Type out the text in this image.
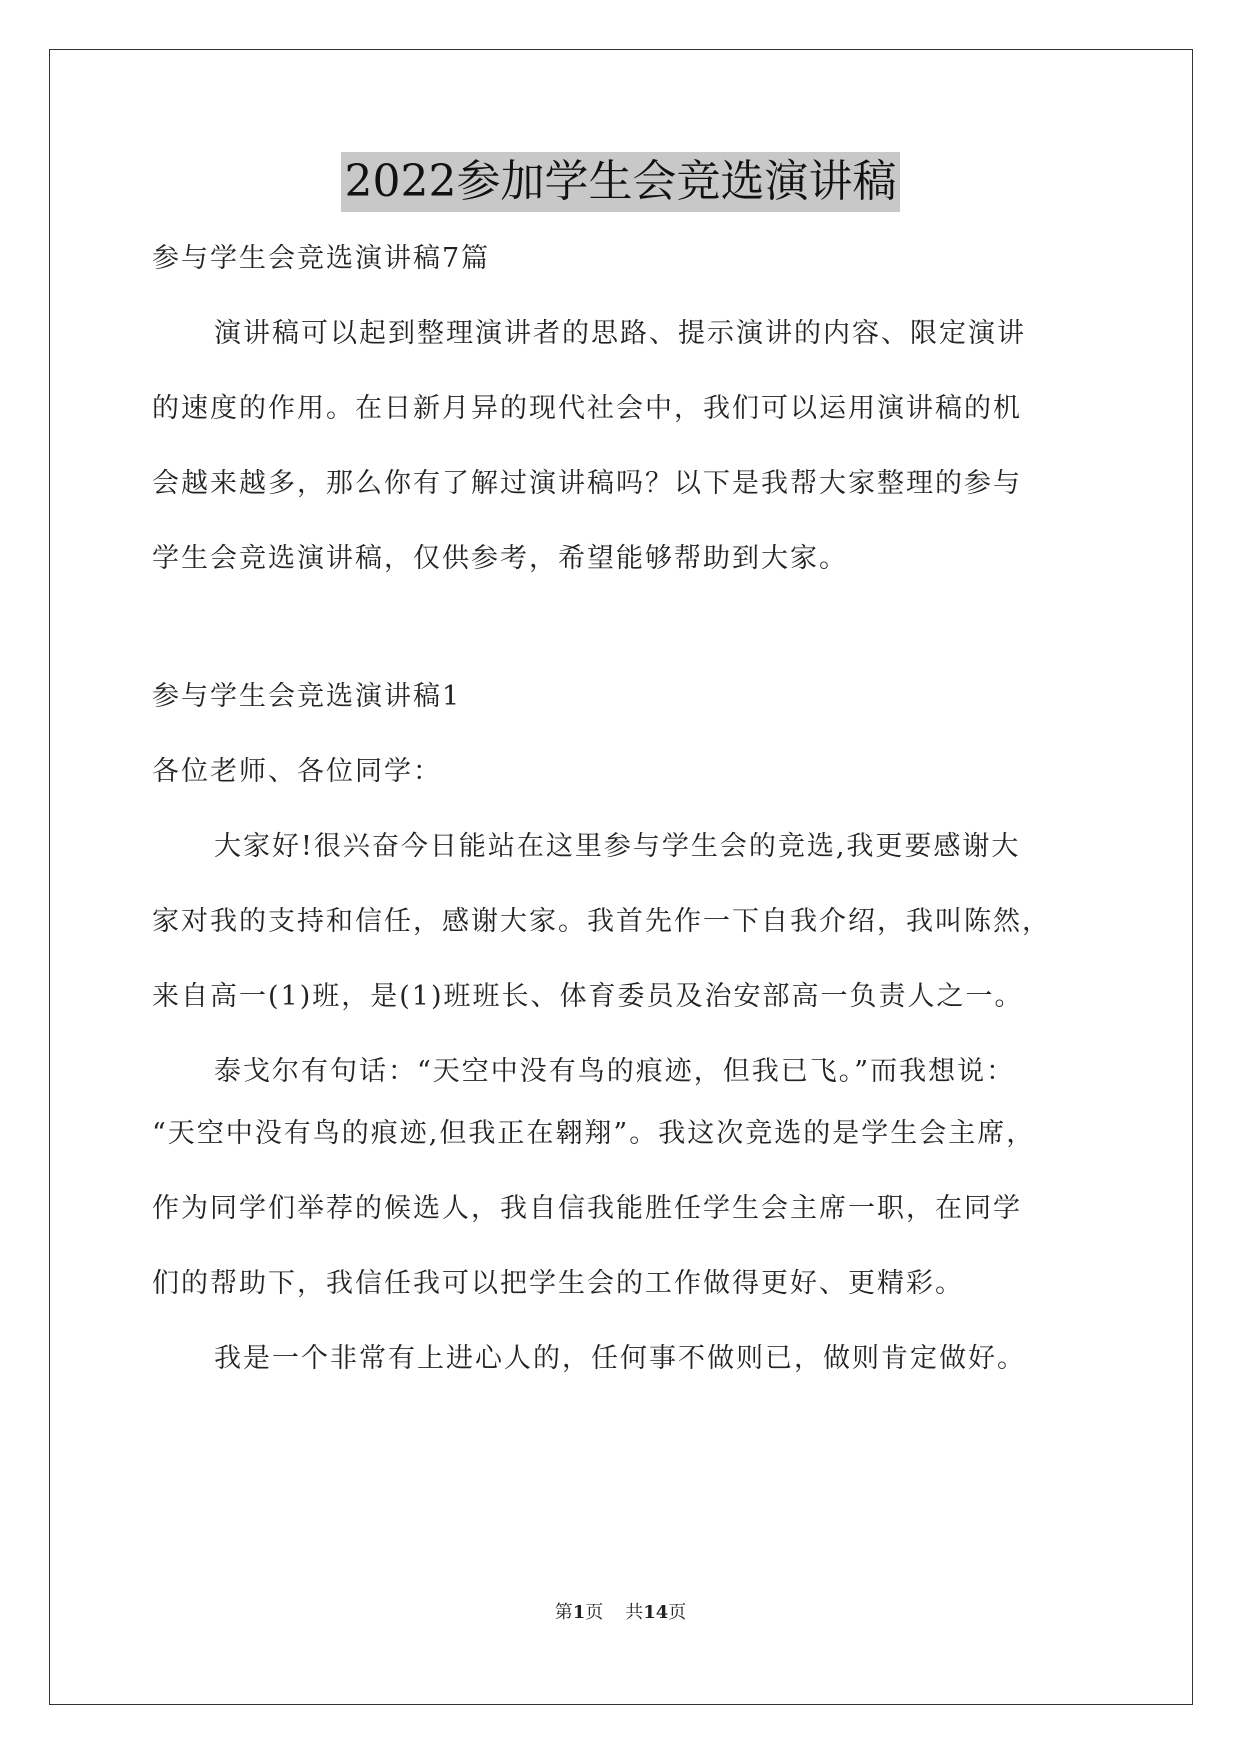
2022参加学生会竞选演讲稿
参与学生会竞选演讲稿7篇
演讲稿可以起到整理演讲者的思路、提示演讲的内容、限定演讲
的速度的作用。在日新月异的现代社会中，我们可以运用演讲稿的机
会越来越多，那么你有了解过演讲稿吗？以下是我帮大家整理的参与
学生会竞选演讲稿，仅供参考，希望能够帮助到大家。
参与学生会竞选演讲稿1
各位老师、各位同学：
大家好!很兴奋今日能站在这里参与学生会的竞选,我更要感谢大
家对我的支持和信任，感谢大家。我首先作一下自我介绍，我叫陈然，
来自高一(1)班，是(1)班班长、体育委员及治安部高一负责人之一。
泰戈尔有句话：“天空中没有鸟的痕迹，但我已飞。”而我想说：
“天空中没有鸟的痕迹,但我正在翱翔”。我这次竞选的是学生会主席，
作为同学们举荐的候选人，我自信我能胜任学生会主席一职，在同学
们的帮助下，我信任我可以把学生会的工作做得更好、更精彩。
我是一个非常有上进心人的，任何事不做则已，做则肯定做好。
第1页 共14页
